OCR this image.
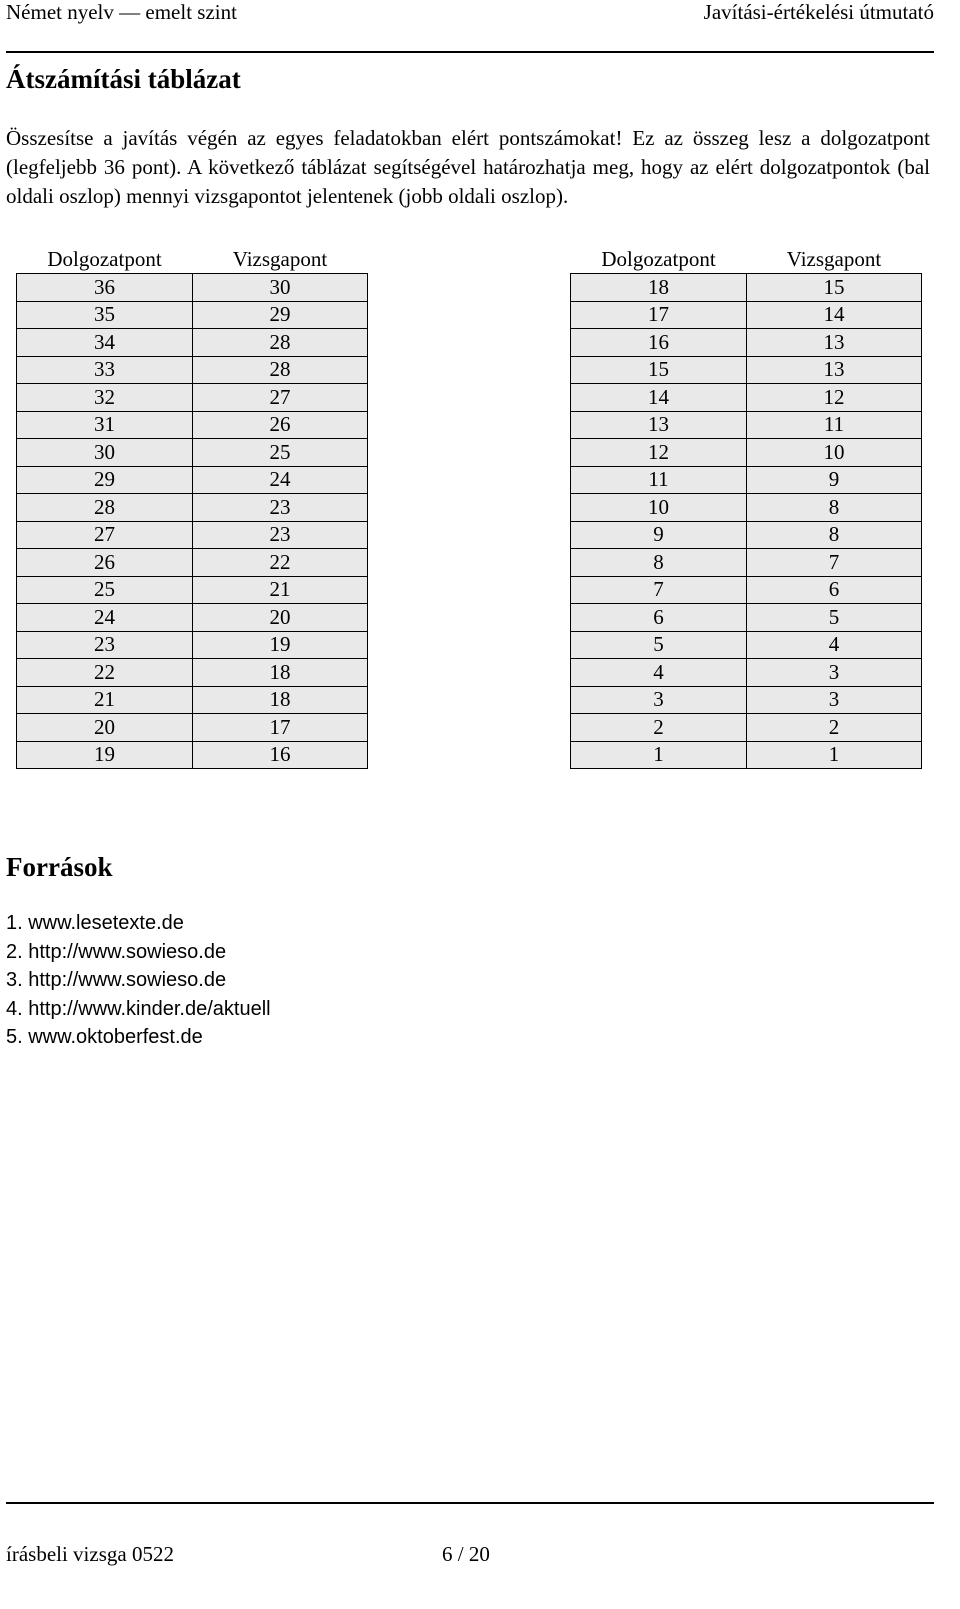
Német nyelv — emelt szint	Javítási-értékelési útmutató
Átszámítási táblázat

Összesítse a javítás végén az egyes feladatokban elért pontszámokat! Ez az összeg lesz a dolgozatpont (legfeljebb 36 pont). A következő táblázat segítségével határozhatja meg, hogy az elért dolgozatpontok (bal oldali oszlop) mennyi vizsgapontot jelentenek (jobb oldali oszlop).

Dolgozatpont	Vizsgapont
36	30
35	29
34	28
33	28
32	27
31	26
30	25
29	24
28	23
27	23
26	22
25	21
24	20
23	19
22	18
21	18
20	17
19	16
Dolgozatpont	Vizsgapont
18	15
17	14
16	13
15	13
14	12
13	11
12	10
11	9
10	8
9	8
8	7
7	6
6	5
5	4
4	3
3	3
2	2
1	1
Források
1. www.lesetexte.de
2. http://www.sowieso.de
3. http://www.sowieso.de
4. http://www.kinder.de/aktuell
5. www.oktoberfest.de
írásbeli vizsga 0522	6 / 20
